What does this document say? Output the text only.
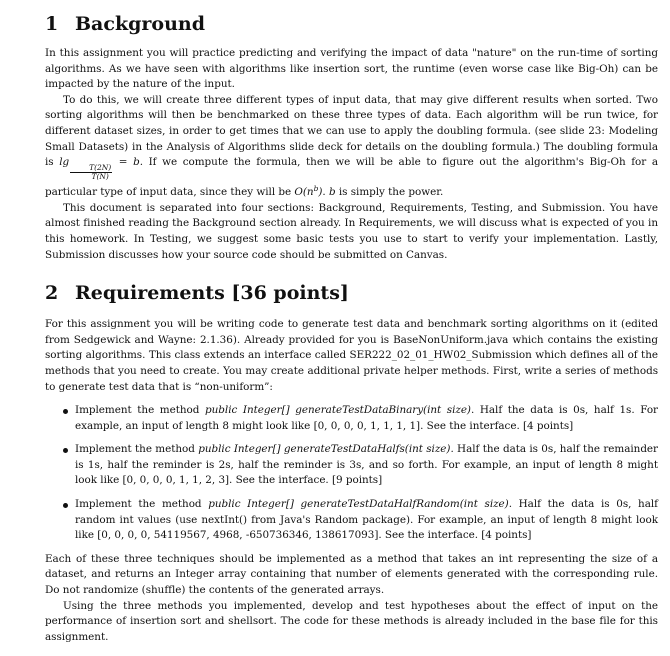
1 Background

In this assignment you will practice predicting and verifying the impact of data "nature" on the run-time of sorting algorithms. As we have seen with algorithms like insertion sort, the runtime (even worse case like Big-Oh) can be impacted by the nature of the input.

To do this, we will create three different types of input data, that may give different results when sorted. Two sorting algorithms will then be benchmarked on these three types of data. Each algorithm will be run twice, for different dataset sizes, in order to get times that we can use to apply the doubling formula. (see slide 23: Modeling Small Datasets) in the Analysis of Algorithms slide deck for details on the doubling formula.) The doubling formula is lg
$\frac{T(2N)}{T(N)}$
= b. If we compute the formula, then we will be able to figure out the algorithm's Big-Oh for a particular type of input data, since they will be $O(n^b)$. b is simply the power.

This document is separated into four sections: Background, Requirements, Testing, and Submission. You have almost finished reading the Background section already. In Requirements, we will discuss what is expected of you in this homework. In Testing, we suggest some basic tests you use to start to verify your implementation. Lastly, Submission discusses how your source code should be submitted on Canvas.

2 Requirements [36 points]

For this assignment you will be writing code to generate test data and benchmark sorting algorithms on it (edited from Sedgewick and Wayne: 2.1.36). Already provided for you is BaseNonUniform.java which contains the existing sorting algorithms. This class extends an interface called SER222_02_01_HW02_Submission which defines all of the methods that you need to create. You may create additional private helper methods. First, write a series of methods to generate test data that is “non-uniform”:

Implement the method public Integer[] generateTestDataBinary(int size). Half the data is 0s, half 1s. For example, an input of length 8 might look like [0, 0, 0, 0, 1, 1, 1, 1]. See the interface. [4 points]

Implement the method public Integer[] generateTestDataHalfs(int size). Half the data is 0s, half the remainder is 1s, half the reminder is 2s, half the reminder is 3s, and so forth. For example, an input of length 8 might look like [0, 0, 0, 0, 1, 1, 2, 3]. See the interface. [9 points]

Implement the method public Integer[] generateTestDataHalfRandom(int size). Half the data is 0s, half random int values (use nextInt() from Java's Random package). For example, an input of length 8 might look like [0, 0, 0, 0, 54119567, 4968, -650736346, 138617093]. See the interface. [4 points]

Each of these three techniques should be implemented as a method that takes an int representing the size of a dataset, and returns an Integer array containing that number of elements generated with the corresponding rule. Do not randomize (shuffle) the contents of the generated arrays.

Using the three methods you implemented, develop and test hypotheses about the effect of input on the performance of insertion sort and shellsort. The code for these methods is already included in the base file for this assignment.
